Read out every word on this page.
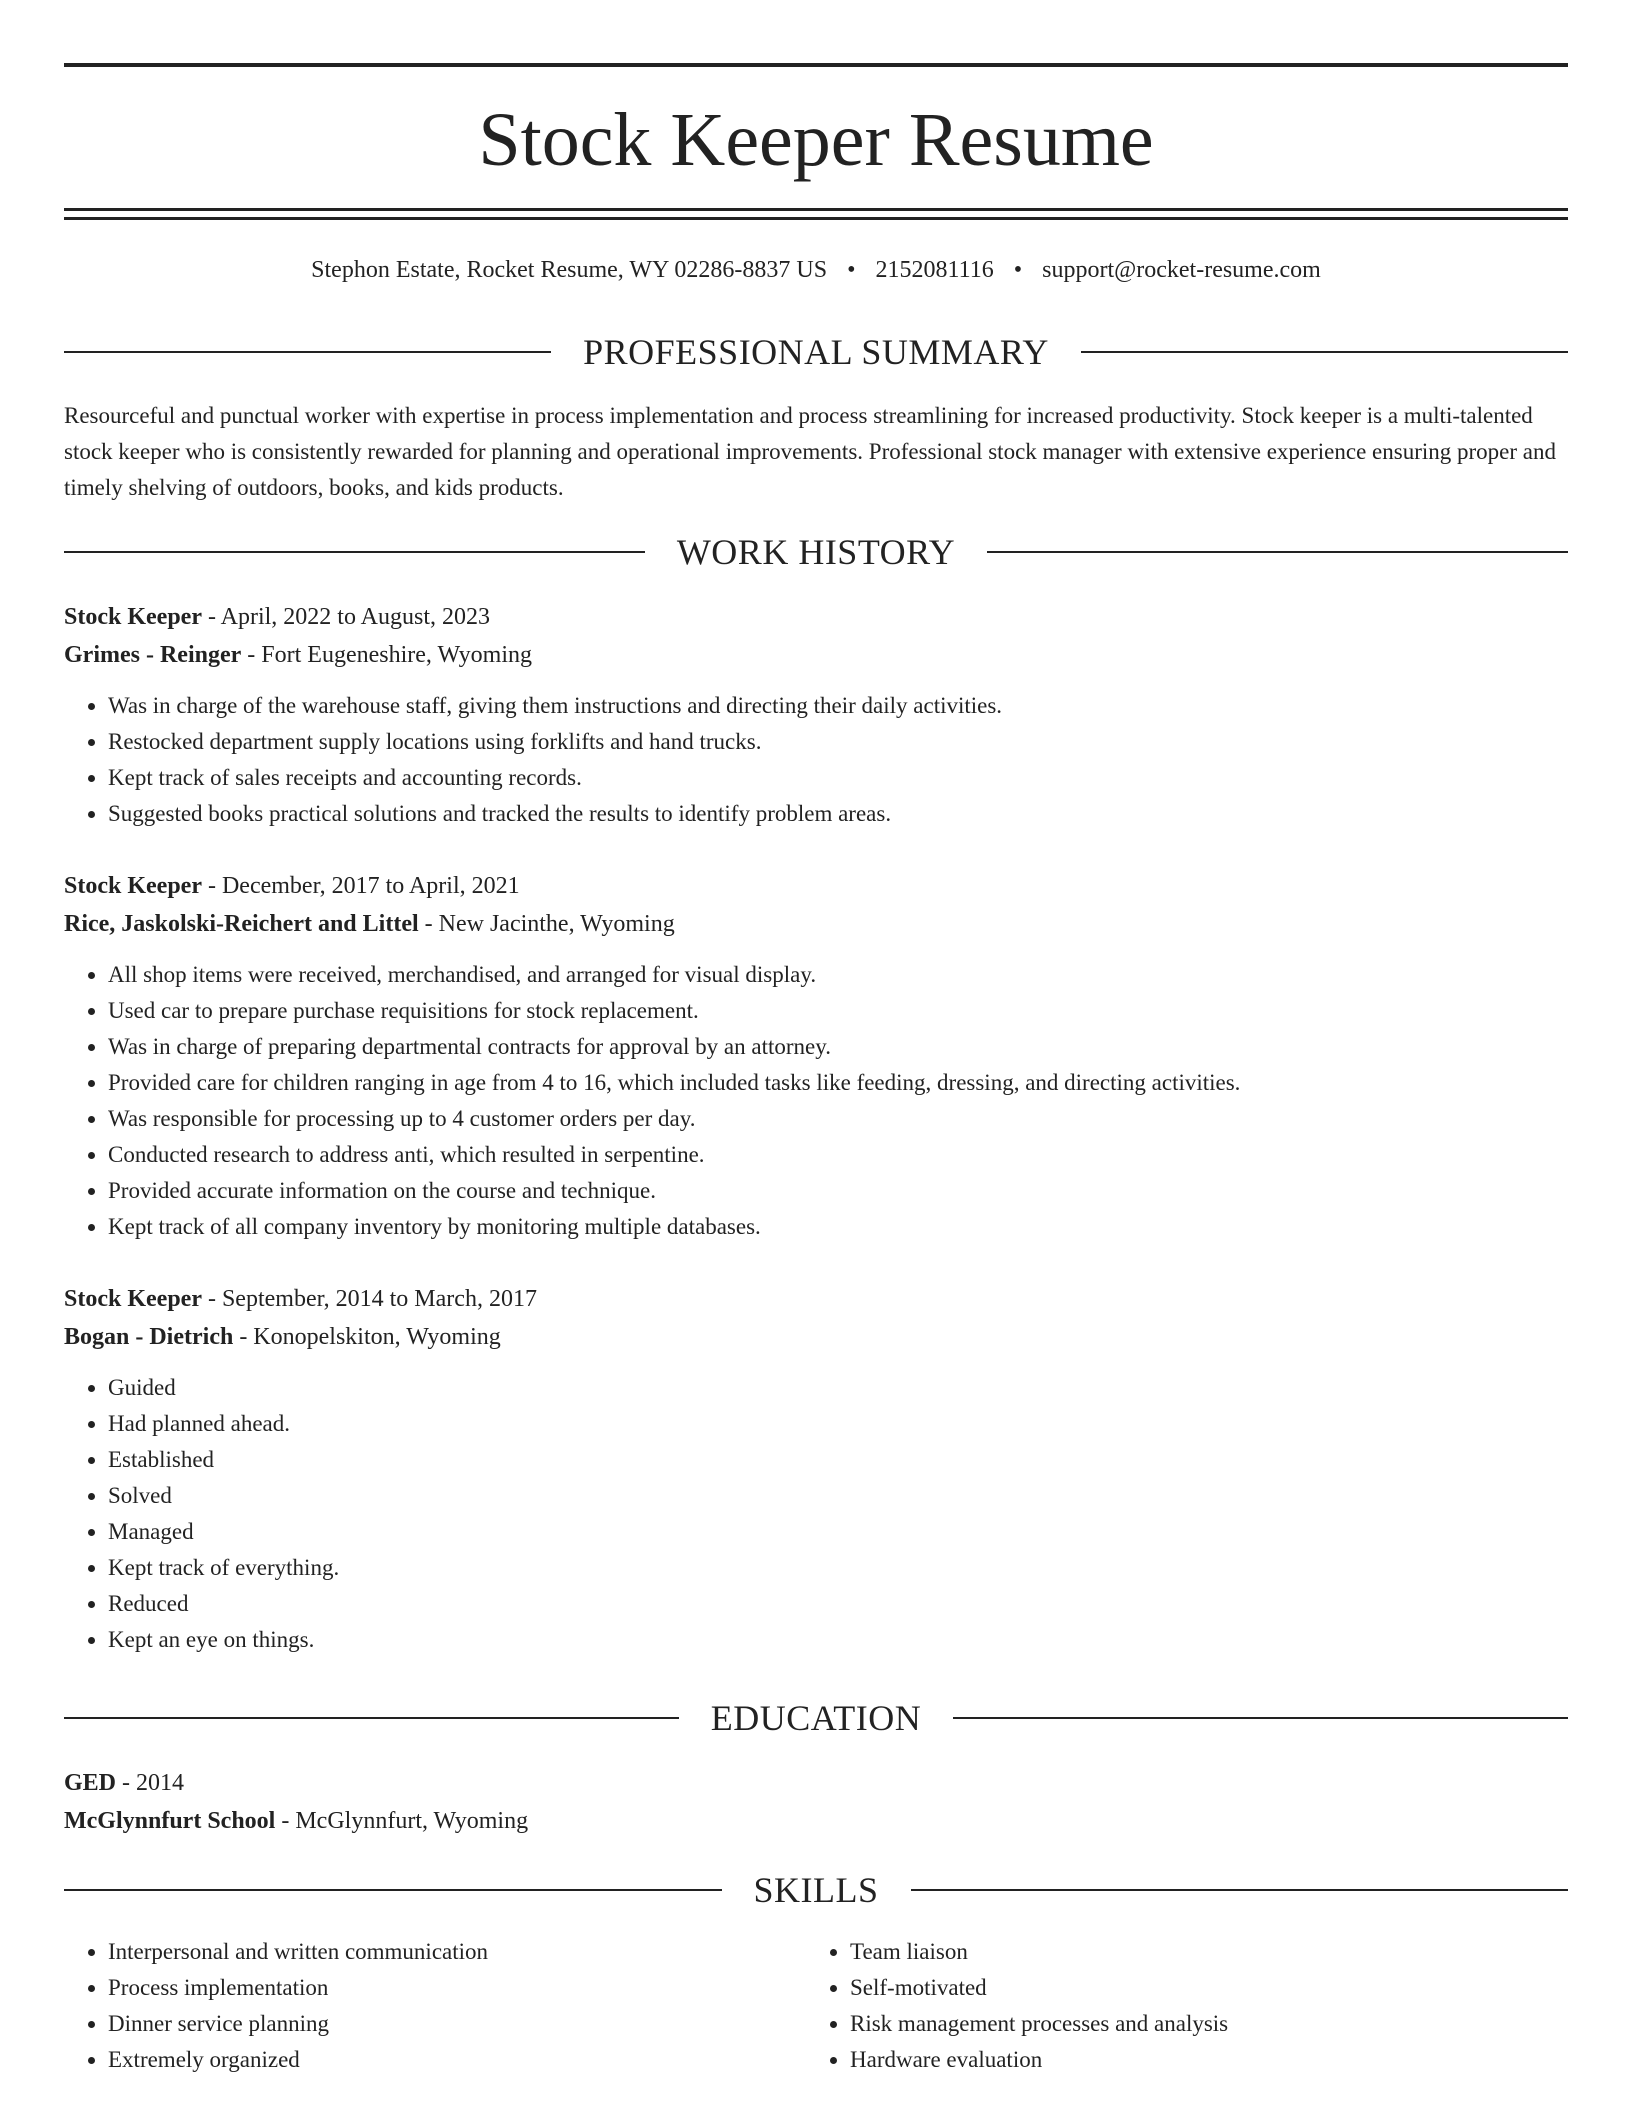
Stock Keeper Resume
Stephon Estate, Rocket Resume, WY 02286-8837 US • 2152081116 • support@rocket-resume.com
PROFESSIONAL SUMMARY

Resourceful and punctual worker with expertise in process implementation and process streamlining for increased productivity. Stock keeper is a multi-talented stock keeper who is consistently rewarded for planning and operational improvements. Professional stock manager with extensive experience ensuring proper and timely shelving of outdoors, books, and kids products.

WORK HISTORY
Stock Keeper - April, 2022 to August, 2023
Grimes - Reinger - Fort Eugeneshire, Wyoming
• Was in charge of the warehouse staff, giving them instructions and directing their daily activities.
• Restocked department supply locations using forklifts and hand trucks.
• Kept track of sales receipts and accounting records.
• Suggested books practical solutions and tracked the results to identify problem areas.
Stock Keeper - December, 2017 to April, 2021
Rice, Jaskolski-Reichert and Littel - New Jacinthe, Wyoming
• All shop items were received, merchandised, and arranged for visual display.
• Used car to prepare purchase requisitions for stock replacement.
• Was in charge of preparing departmental contracts for approval by an attorney.
• Provided care for children ranging in age from 4 to 16, which included tasks like feeding, dressing, and directing activities.
• Was responsible for processing up to 4 customer orders per day.
• Conducted research to address anti, which resulted in serpentine.
• Provided accurate information on the course and technique.
• Kept track of all company inventory by monitoring multiple databases.
Stock Keeper - September, 2014 to March, 2017
Bogan - Dietrich - Konopelskiton, Wyoming
• Guided
• Had planned ahead.
• Established
• Solved
• Managed
• Kept track of everything.
• Reduced
• Kept an eye on things.
EDUCATION
GED - 2014
McGlynnfurt School - McGlynnfurt, Wyoming
SKILLS
• Interpersonal and written communication
• Process implementation
• Dinner service planning
• Extremely organized
• Team liaison
• Self-motivated
• Risk management processes and analysis
• Hardware evaluation
